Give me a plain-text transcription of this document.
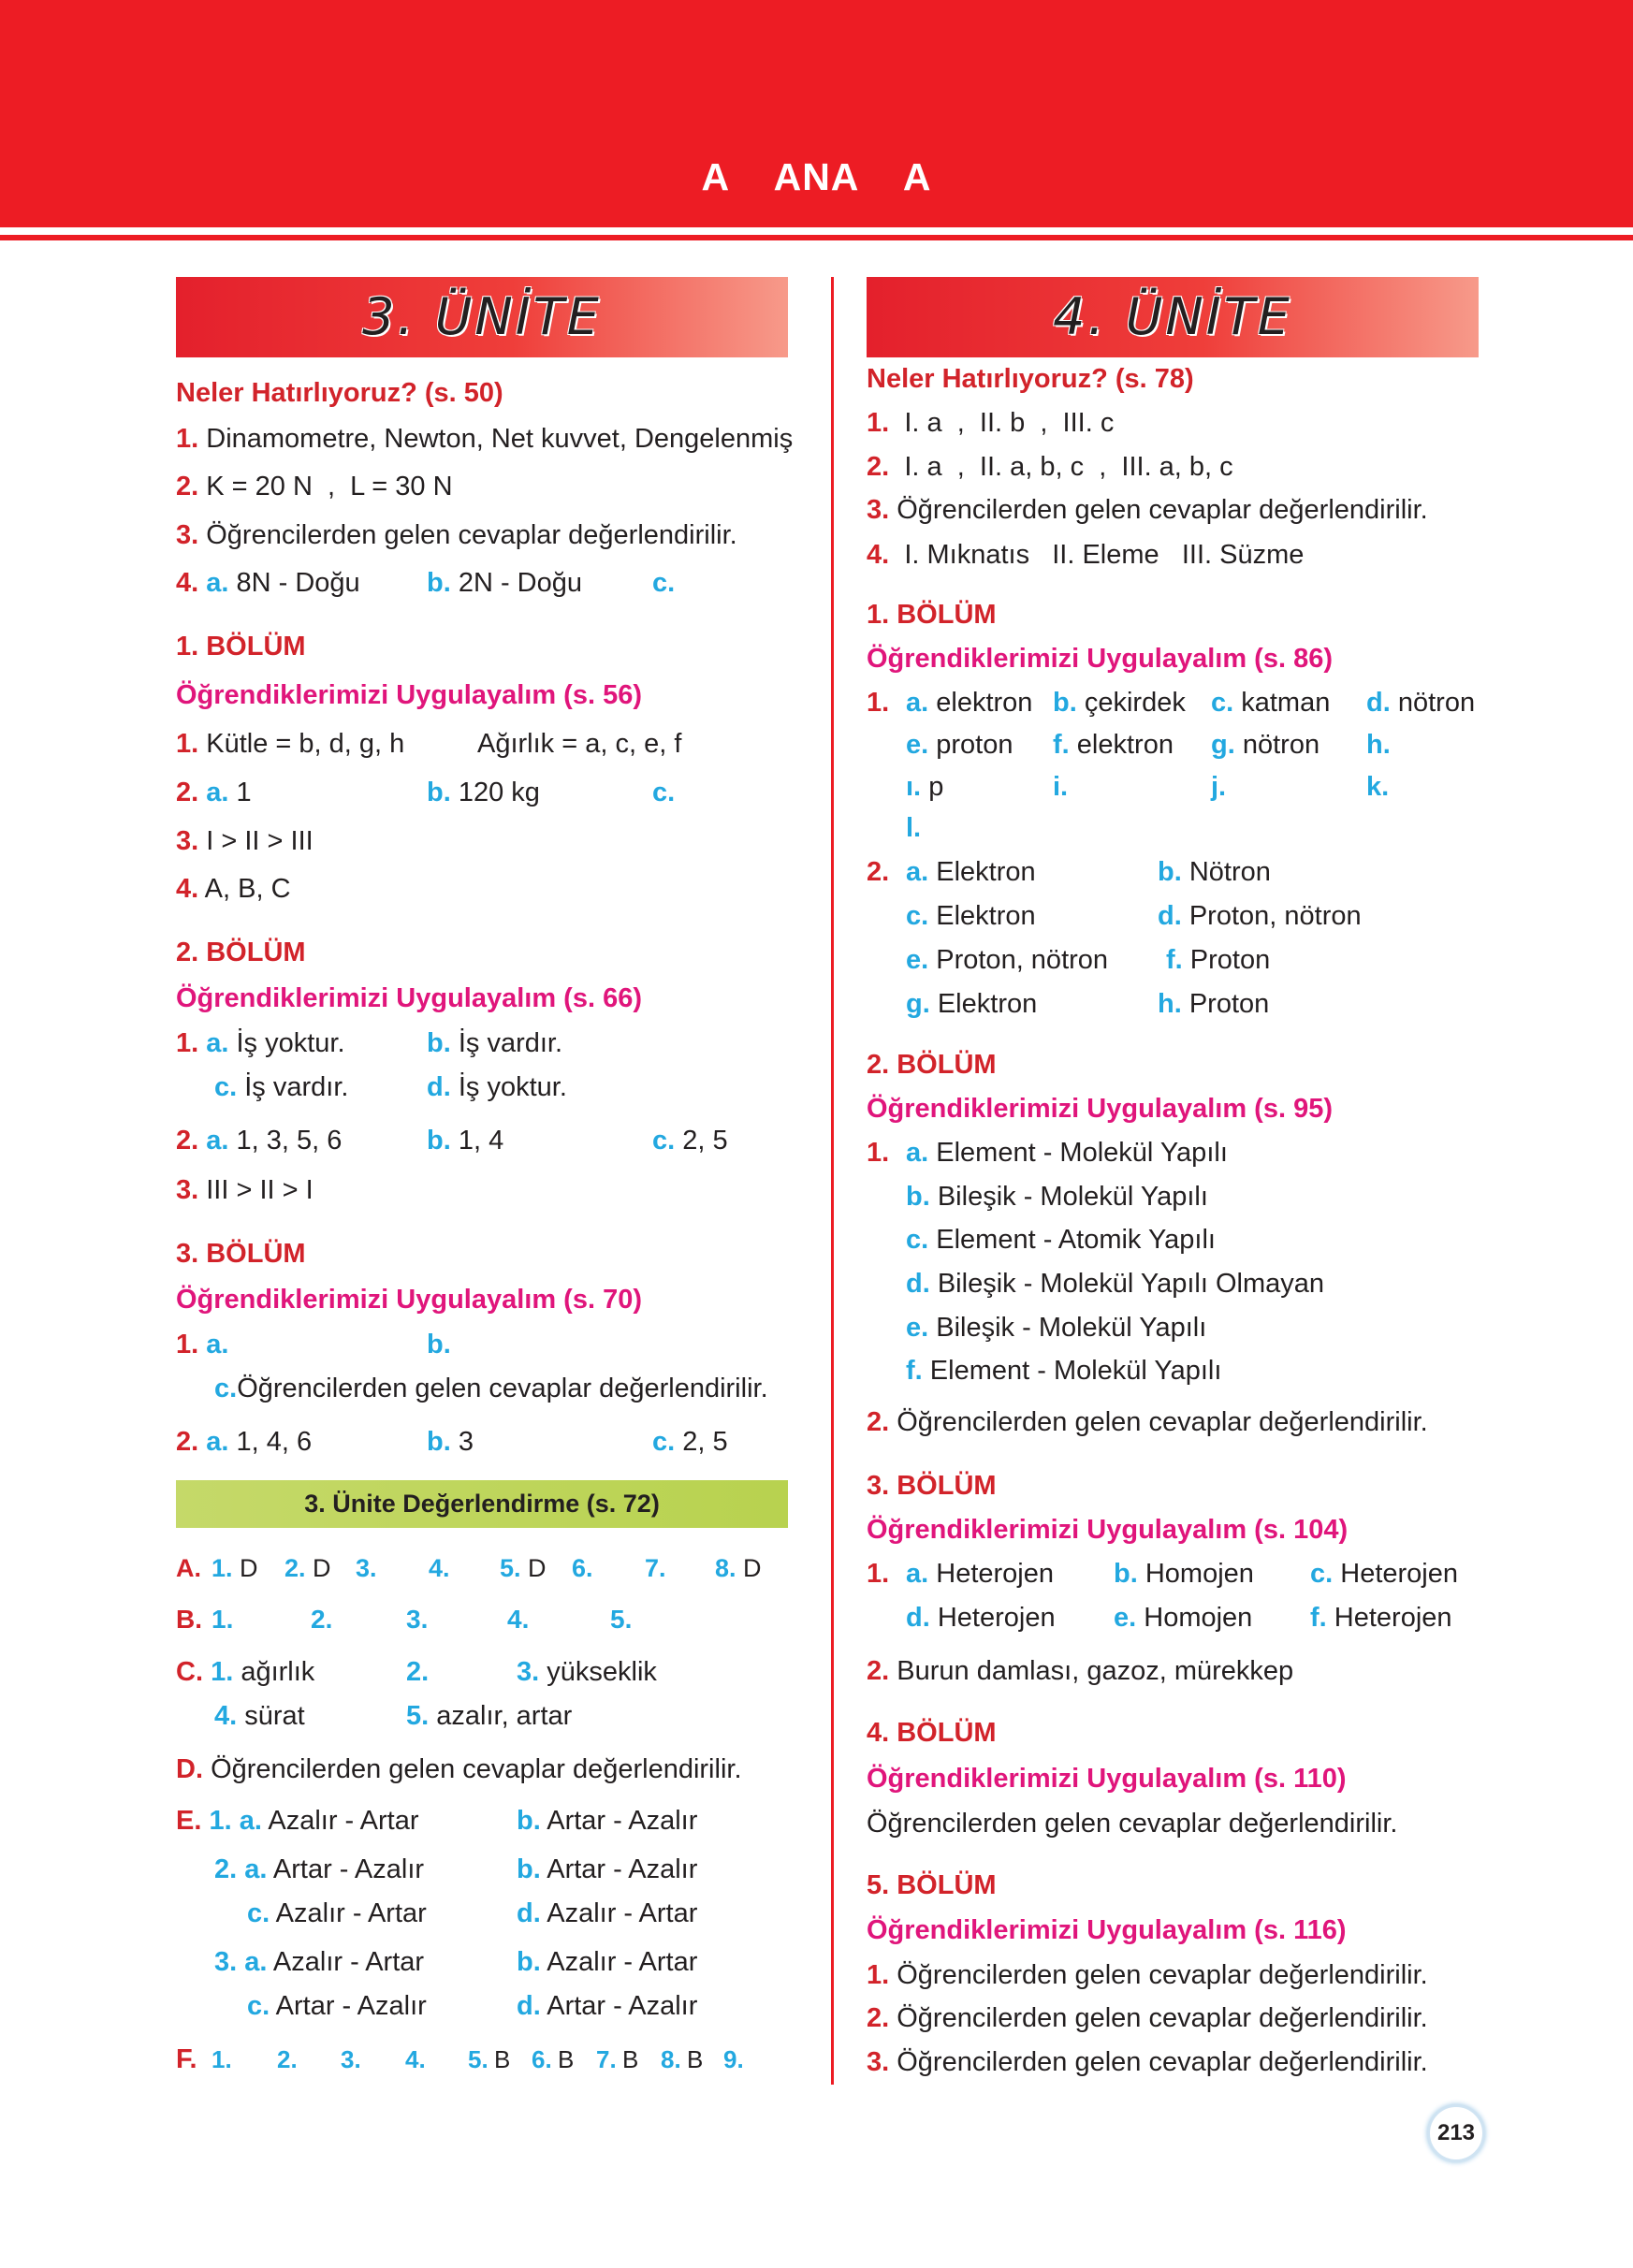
A    ANA    A
3. ÜNİTE
Neler Hatırlıyoruz? (s. 50)
1. Dinamometre, Newton, Net kuvvet, Dengelenmiş
2. K = 20 N  ,  L = 30 N
3. Öğrencilerden gelen cevaplar değerlendirilir.
4. a. 8N - Doğu b. 2N - Doğu	c.
1. BÖLÜM
Öğrendiklerimizi Uygulayalım (s. 56)
1. Kütle = b, d, g, h	Ağırlık = a, c, e, f
2. a. 1	b. 120 kg	c.
3. I > II > III
4. A, B, C
2. BÖLÜM
Öğrendiklerimizi Uygulayalım (s. 66)
1. a. İş yoktur.	b. İş vardır.
c. İş vardır.	d. İş yoktur.
2. a. 1, 3, 5, 6	b. 1, 4	c. 2, 5
3. III > II > I
3. BÖLÜM
Öğrendiklerimizi Uygulayalım (s. 70)
1. a.	b.
c.Öğrencilerden gelen cevaplar değerlendirilir.
2. a. 1, 4, 6	b. 3	c. 2, 5
3. Ünite Değerlendirme (s. 72)
A. 1. D 2. D 3. 4. 5. D 6. 7. 8. D
B. 1.	2.	3.	4.	5.
C. 1. ağırlık	2.	3. yükseklik
4. sürat	5. azalır, artar
D. Öğrencilerden gelen cevaplar değerlendirilir.
E. 1. a. Azalır - Artar	b. Artar - Azalır
2. a. Artar - Azalır	b. Artar - Azalır
c. Azalır - Artar	d. Azalır - Artar
3. a. Azalır - Artar	b. Azalır - Artar
c. Artar - Azalır	d. Artar - Azalır
F. 1. 2. 3. 4. 5. B 6. B 7. B 8. B 9.
4. ÜNİTE
Neler Hatırlıyoruz? (s. 78)
1. I. a  ,  II. b  ,  III. c
2. I. a  ,  II. a, b, c  ,  III. a, b, c
3. Öğrencilerden gelen cevaplar değerlendirilir.
4. I. Mıknatıs   II. Eleme   III. Süzme
1. BÖLÜM
Öğrendiklerimizi Uygulayalım (s. 86)
1. a. elektron b. çekirdek c. katman d. nötron
e. proton f. elektron g. nötron h.
ı. p	i.	j.	k.
l.
2. a. Elektron	b. Nötron
c. Elektron	d. Proton, nötron
e. Proton, nötron f. Proton
g. Elektron	h. Proton
2. BÖLÜM
Öğrendiklerimizi Uygulayalım (s. 95)
1. a. Element - Molekül Yapılı
b. Bileşik - Molekül Yapılı
c. Element - Atomik Yapılı
d. Bileşik - Molekül Yapılı Olmayan
e. Bileşik - Molekül Yapılı
f. Element - Molekül Yapılı
2. Öğrencilerden gelen cevaplar değerlendirilir.
3. BÖLÜM
Öğrendiklerimizi Uygulayalım (s. 104)
1. a. Heterojen b. Homojen c. Heterojen
d. Heterojen e. Homojen f. Heterojen
2. Burun damlası, gazoz, mürekkep
4. BÖLÜM
Öğrendiklerimizi Uygulayalım (s. 110)
Öğrencilerden gelen cevaplar değerlendirilir.
5. BÖLÜM
Öğrendiklerimizi Uygulayalım (s. 116)
1. Öğrencilerden gelen cevaplar değerlendirilir.
2. Öğrencilerden gelen cevaplar değerlendirilir.
3. Öğrencilerden gelen cevaplar değerlendirilir.
213
